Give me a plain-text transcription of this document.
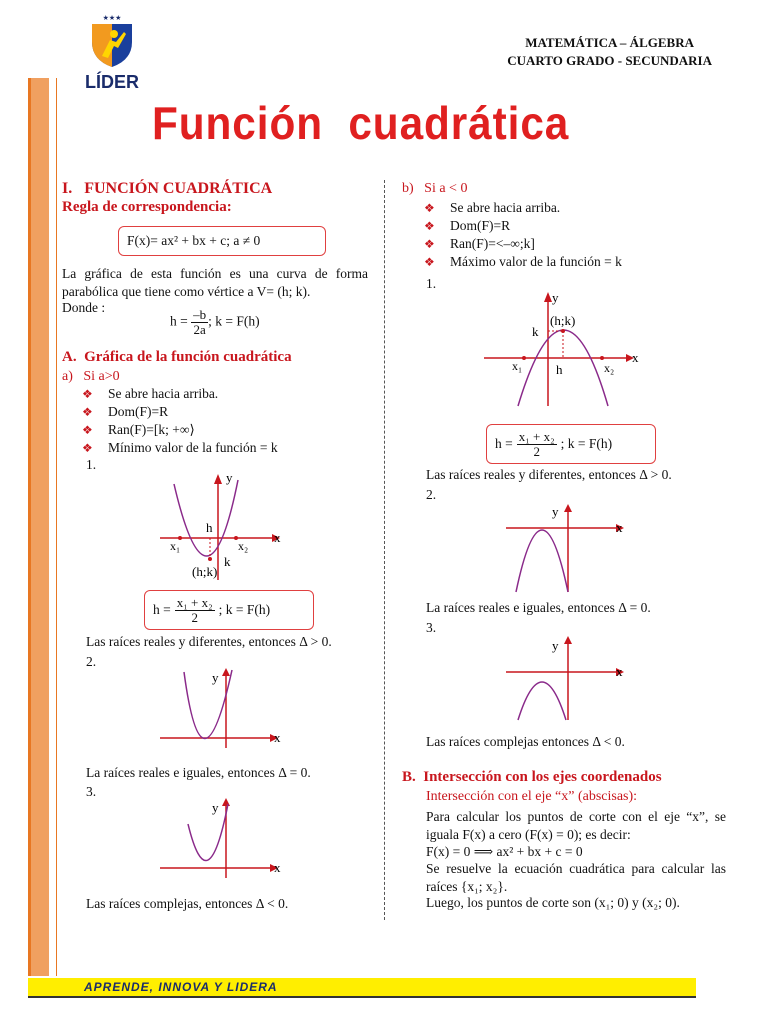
APRENDE, INNOVA Y LIDERA
★★★
LÍDER
MATEMÁTICA – ÁLGEBRA
CUARTO GRADO - SECUNDARIA
Función  cuadrática
I.   FUNCIÓN CUADRÁTICA
Regla de correspondencia:
F(x)= ax² + bx + c; a ≠ 0
La gráfica de esta función es una curva de forma parabólica que tiene como vértice a V= (h; k).
Donde :
$h = \frac{-b}{2a}$ ; k = F(h)
A.  Gráfica de la función cuadrática
a)   Si a>0
❖ Se abre hacia arriba.
❖ Dom(F)=R
❖ Ran(F)=[k; +∞⟩
❖ Mínimo valor de la función = k
1.
y
x
h
k
(h;k)
x₁	x₂
$h = \frac{\text{x₁ + x₂}}{2}$ ; k = F(h)
Las raíces reales y diferentes, entonces Δ > 0.
2.
y
x
La raíces reales e iguales, entonces Δ = 0.
3.
y
x
Las raíces complejas, entonces Δ < 0.
b)   Si a < 0
❖ Se abre hacia arriba.
❖ Dom(F)=R
❖ Ran(F)=<–∞;k]
❖ Máximo valor de la función = k
1.
y
x
(h;k)
k
h
x₁	x₂
$h = \frac{\text{x₁ + x₂}}{2}$ ; k = F(h)
Las raíces reales y diferentes, entonces Δ > 0.
2.
y
x
La raíces reales e iguales, entonces Δ = 0.
3.
y
x
Las raíces complejas entonces Δ < 0.
B.  Intersección con los ejes coordenados
Intersección con el eje “x” (abscisas):
Para calcular los puntos de corte con el eje “x”, se iguala F(x) a cero (F(x) = 0); es decir:
F(x) = 0 ⟹ ax² + bx + c = 0
Se resuelve la ecuación cuadrática para calcular las raíces {x₁; x₂}.
Luego, los puntos de corte son (x₁; 0) y (x₂; 0).
